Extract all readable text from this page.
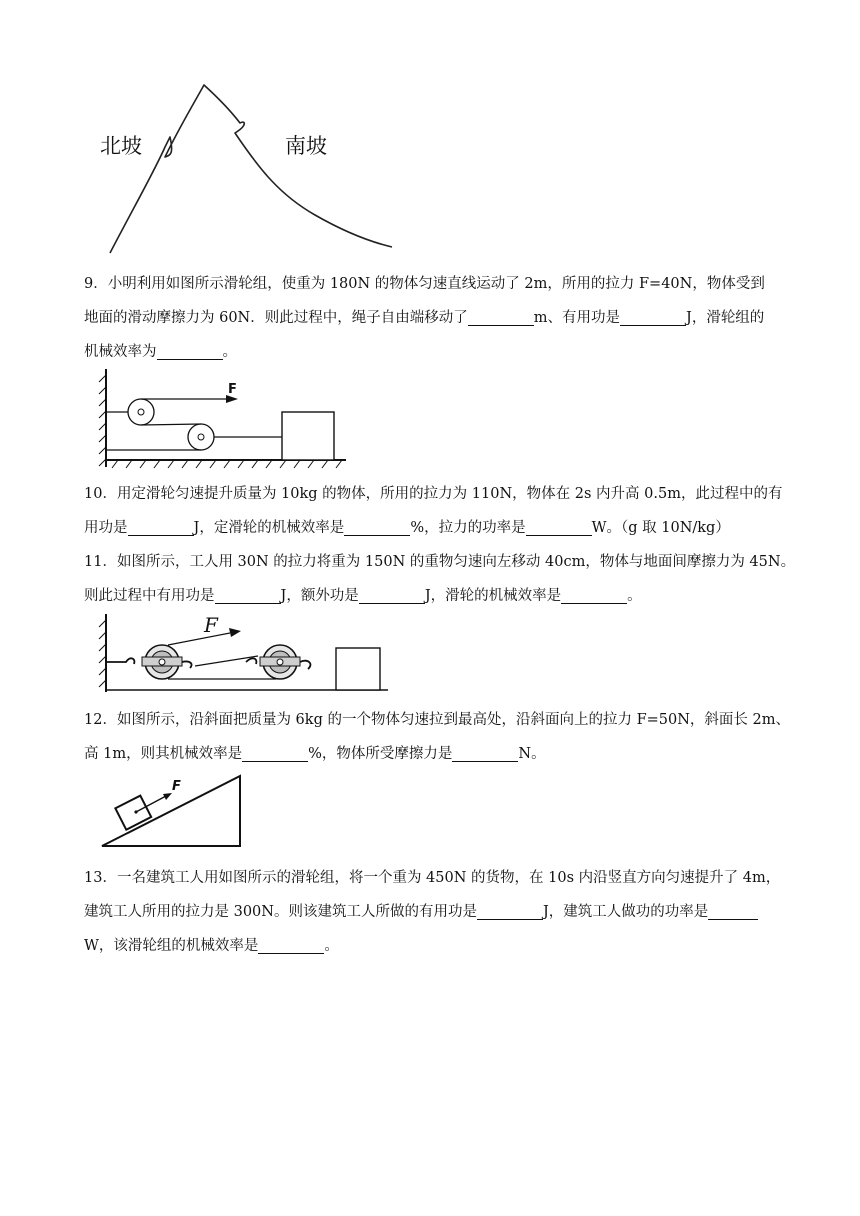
北坡	南坡
9．小明利用如图所示滑轮组，使重为 180N 的物体匀速直线运动了 2m，所用的拉力 F=40N，物体受到
地面的滑动摩擦力为 60N．则此过程中，绳子自由端移动了	m、有用功是	J，滑轮组的
机械效率为	。
F
10．用定滑轮匀速提升质量为 10kg 的物体，所用的拉力为 110N，物体在 2s 内升高 0.5m，此过程中的有
用功是	J，定滑轮的机械效率是	%，拉力的功率是	W。（g 取 10N/kg）
11．如图所示，工人用 30N 的拉力将重为 150N 的重物匀速向左移动 40cm，物体与地面间摩擦力为 45N。
则此过程中有用功是	J，额外功是	J，滑轮的机械效率是	。
F
12．如图所示，沿斜面把质量为 6kg 的一个物体匀速拉到最高处，沿斜面向上的拉力 F=50N，斜面长 2m、
高 1m，则其机械效率是	%，物体所受摩擦力是	N。
F
13．一名建筑工人用如图所示的滑轮组，将一个重为 450N 的货物，在 10s 内沿竖直方向匀速提升了 4m，
建筑工人所用的拉力是 300N。则该建筑工人所做的有用功是	J，建筑工人做功的功率是
W，该滑轮组的机械效率是	。
